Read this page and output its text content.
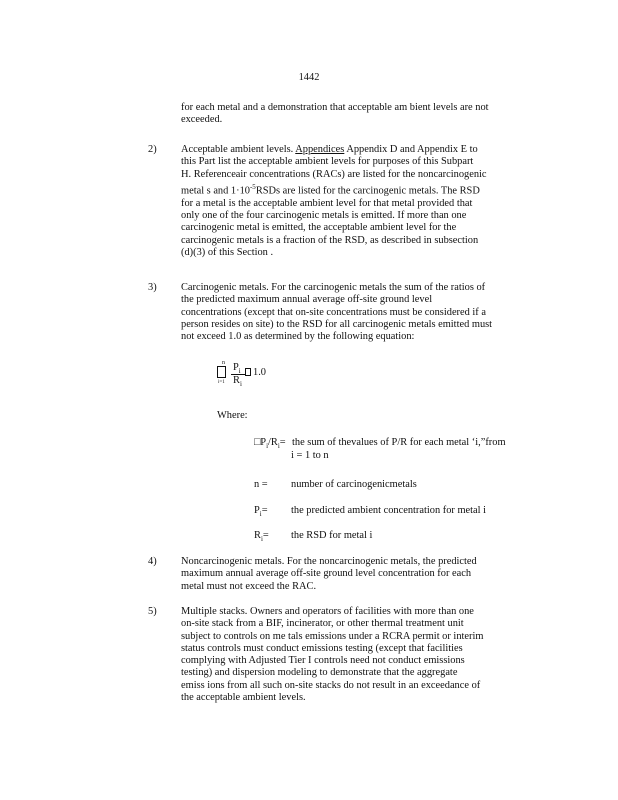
1442
for each metal and a demonstration that acceptable am bient levels are not
exceeded.
2) Acceptable ambient levels. Appendices Appendix D and Appendix E to
this Part list the acceptable ambient levels for purposes of this Subpart
H. Referenceair concentrations (RACs) are listed for the noncarcinogenic
metal s and $1\cdot 10^{-5}RSDs$ are listed for the carcinogenic metals. The RSD
for a metal is the acceptable ambient level for that metal provided that
only one of the four carcinogenic metals is emitted. If more than one
carcinogenic metal is emitted, the acceptable ambient level for the
carcinogenic metals is a fraction of the RSD, as described in subsection
(d)(3) of this Section .
3) Carcinogenic metals. For the carcinogenic metals the sum of the ratios of
the predicted maximum annual average off-site ground level
concentrations (except that on-site concentrations must be considered if a
person resides on site) to the RSD for all carcinogenic metals emitted must
not exceed 1.0 as determined by the following equation:
n
i=1
$P_i$
$R_i$
1.0
Where:
$□P_i/R_i=$ the sum of thevalues of P/R for each metal ‘i,”from
i = 1 to n
n = number of carcinogenicmetals
$P_i=$ the predicted ambient concentration for metal i
$R_i=$ the RSD for metal i
4) Noncarcinogenic metals. For the noncarcinogenic metals, the predicted
maximum annual average off-site ground level concentration for each
metal must not exceed the RAC.
5) Multiple stacks. Owners and operators of facilities with more than one
on-site stack from a BIF, incinerator, or other thermal treatment unit
subject to controls on me tals emissions under a RCRA permit or interim
status controls must conduct emissions testing (except that facilities
complying with Adjusted Tier I controls need not conduct emissions
testing) and dispersion modeling to demonstrate that the aggregate
emiss ions from all such on-site stacks do not result in an exceedance of
the acceptable ambient levels.
